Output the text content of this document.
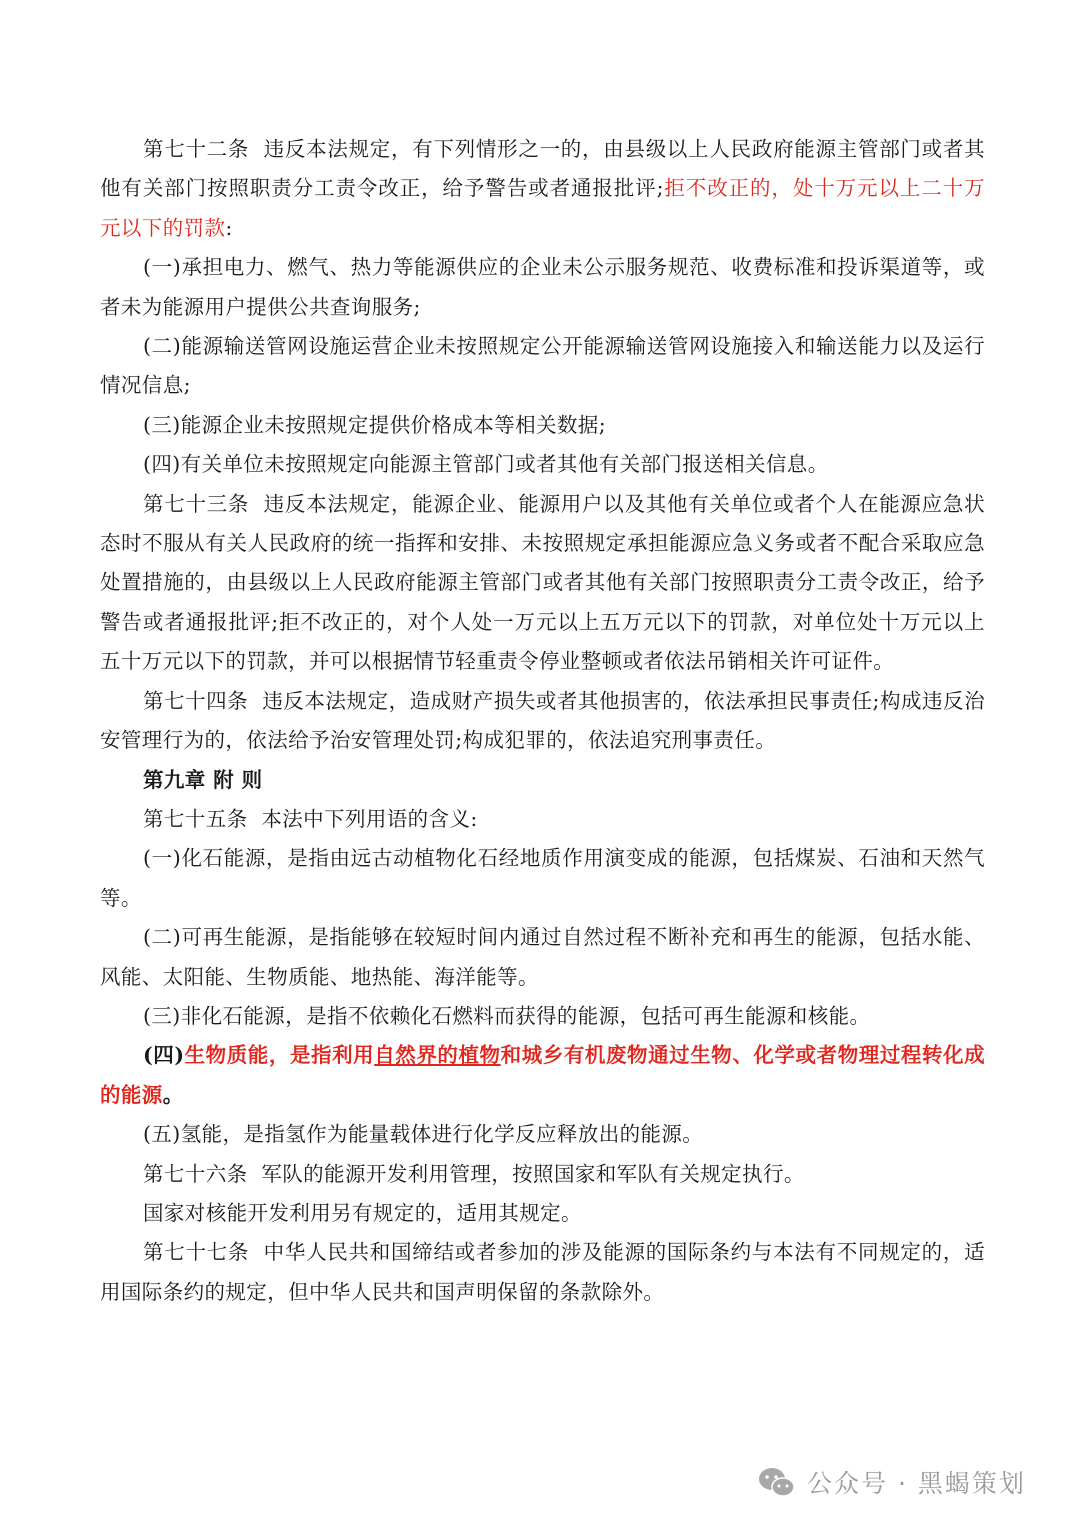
第七十二条 违反本法规定，有下列情形之一的，由县级以上人民政府能源主管部门或者其他有关部门按照职责分工责令改正，给予警告或者通报批评;拒不改正的，处十万元以上二十万元以下的罚款:

(一)承担电力、燃气、热力等能源供应的企业未公示服务规范、收费标准和投诉渠道等，或者未为能源用户提供公共查询服务;

(二)能源输送管网设施运营企业未按照规定公开能源输送管网设施接入和输送能力以及运行情况信息;

(三)能源企业未按照规定提供价格成本等相关数据;

(四)有关单位未按照规定向能源主管部门或者其他有关部门报送相关信息。

第七十三条 违反本法规定，能源企业、能源用户以及其他有关单位或者个人在能源应急状态时不服从有关人民政府的统一指挥和安排、未按照规定承担能源应急义务或者不配合采取应急处置措施的，由县级以上人民政府能源主管部门或者其他有关部门按照职责分工责令改正，给予警告或者通报批评;拒不改正的，对个人处一万元以上五万元以下的罚款，对单位处十万元以上五十万元以下的罚款，并可以根据情节轻重责令停业整顿或者依法吊销相关许可证件。

第七十四条 违反本法规定，造成财产损失或者其他损害的，依法承担民事责任;构成违反治安管理行为的，依法给予治安管理处罚;构成犯罪的，依法追究刑事责任。

第九章 附 则

第七十五条 本法中下列用语的含义:

(一)化石能源，是指由远古动植物化石经地质作用演变成的能源，包括煤炭、石油和天然气等。

(二)可再生能源，是指能够在较短时间内通过自然过程不断补充和再生的能源，包括水能、风能、太阳能、生物质能、地热能、海洋能等。

(三)非化石能源，是指不依赖化石燃料而获得的能源，包括可再生能源和核能。

(四)生物质能，是指利用自然界的植物和城乡有机废物通过生物、化学或者物理过程转化成的能源。

(五)氢能，是指氢作为能量载体进行化学反应释放出的能源。

第七十六条 军队的能源开发利用管理，按照国家和军队有关规定执行。

国家对核能开发利用另有规定的，适用其规定。

第七十七条 中华人民共和国缔结或者参加的涉及能源的国际条约与本法有不同规定的，适用国际条约的规定，但中华人民共和国声明保留的条款除外。

公众号 · 黑蝎策划
